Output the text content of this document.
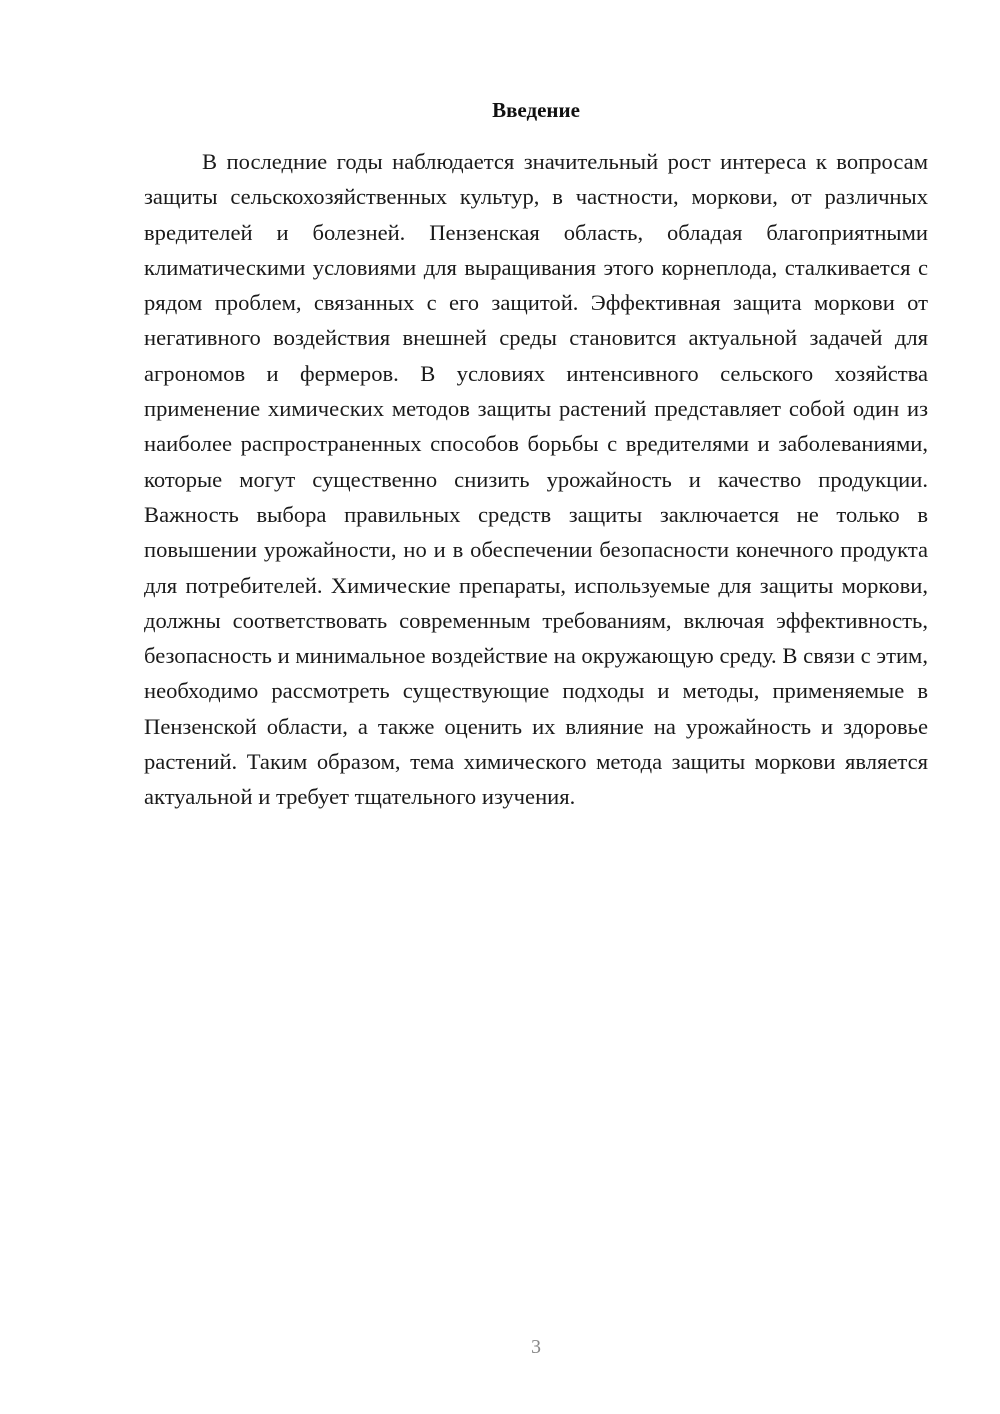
Введение

В последние годы наблюдается значительный рост интереса к вопросам защиты сельскохозяйственных культур, в частности, моркови, от различных вредителей и болезней. Пензенская область, обладая благоприятными климатическими условиями для выращивания этого корнеплода, сталкивается с рядом проблем, связанных с его защитой. Эффективная защита моркови от негативного воздействия внешней среды становится актуальной задачей для агрономов и фермеров. В условиях интенсивного сельского хозяйства применение химических методов защиты растений представляет собой один из наиболее распространенных способов борьбы с вредителями и заболеваниями, которые могут существенно снизить урожайность и качество продукции. Важность выбора правильных средств защиты заключается не только в повышении урожайности, но и в обеспечении безопасности конечного продукта для потребителей. Химические препараты, используемые для защиты моркови, должны соответствовать современным требованиям, включая эффективность, безопасность и минимальное воздействие на окружающую среду. В связи с этим, необходимо рассмотреть существующие подходы и методы, применяемые в Пензенской области, а также оценить их влияние на урожайность и здоровье растений. Таким образом, тема химического метода защиты моркови является актуальной и требует тщательного изучения.

3
